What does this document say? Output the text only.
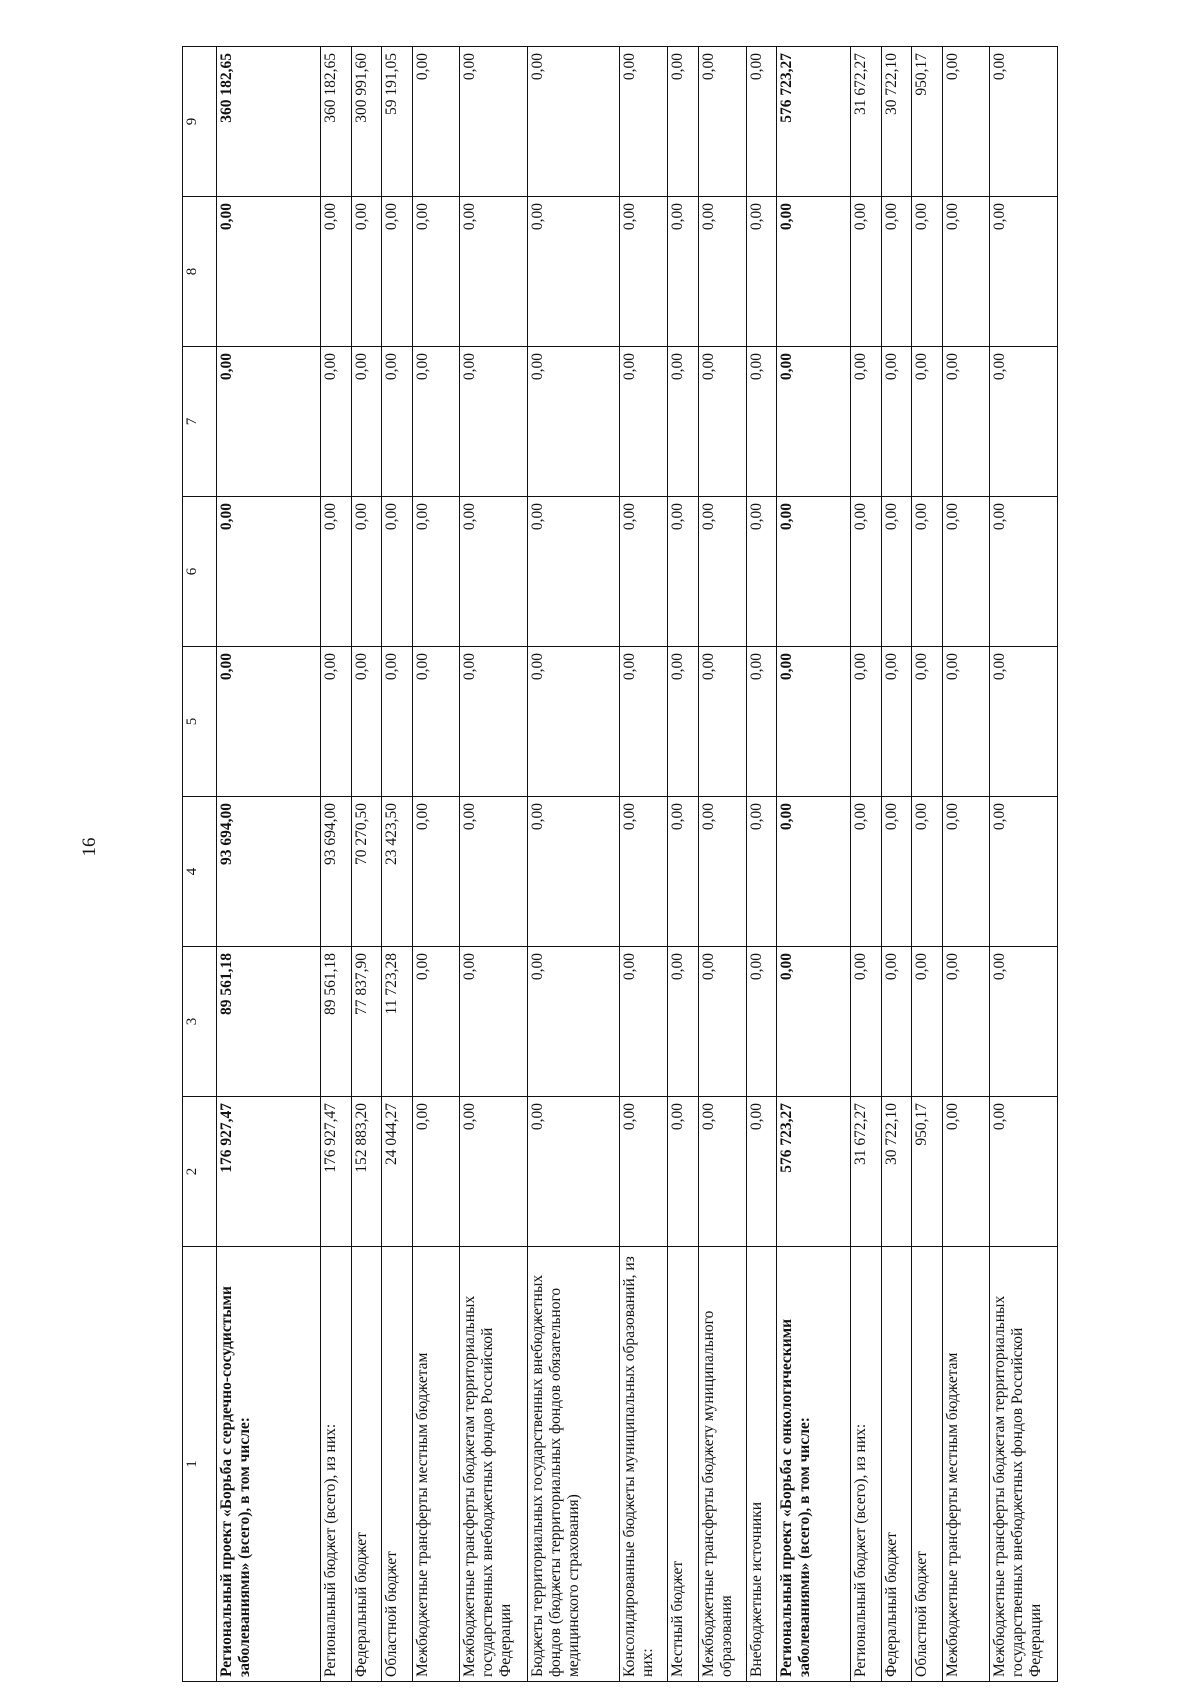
16
1	2	3	4	5	6	7	8	9
Региональный проект «Борьба с сердечно-сосудистыми заболеваниями» (всего), в том числе:	176 927,47	89 561,18	93 694,00	0,00	0,00	0,00	0,00	360 182,65
Региональный бюджет (всего), из них:	176 927,47	89 561,18	93 694,00	0,00	0,00	0,00	0,00	360 182,65
Федеральный бюджет	152 883,20	77 837,90	70 270,50	0,00	0,00	0,00	0,00	300 991,60
Областной бюджет	24 044,27	11 723,28	23 423,50	0,00	0,00	0,00	0,00	59 191,05
Межбюджетные трансферты местным бюджетам	0,00	0,00	0,00	0,00	0,00	0,00	0,00	0,00
Межбюджетные трансферты бюджетам территориальных государственных внебюджетных фондов Российской Федерации	0,00	0,00	0,00	0,00	0,00	0,00	0,00	0,00
Бюджеты территориальных государственных внебюджетных фондов (бюджеты территориальных фондов обязательного медицинского страхования)	0,00	0,00	0,00	0,00	0,00	0,00	0,00	0,00
Консолидированные бюджеты муниципальных образований, из них:	0,00	0,00	0,00	0,00	0,00	0,00	0,00	0,00
Местный бюджет	0,00	0,00	0,00	0,00	0,00	0,00	0,00	0,00
Межбюджетные трансферты бюджету муниципального образования	0,00	0,00	0,00	0,00	0,00	0,00	0,00	0,00
Внебюджетные источники	0,00	0,00	0,00	0,00	0,00	0,00	0,00	0,00
Региональный проект «Борьба с онкологическими заболеваниями» (всего), в том числе:	576 723,27	0,00	0,00	0,00	0,00	0,00	0,00	576 723,27
Региональный бюджет (всего), из них:	31 672,27	0,00	0,00	0,00	0,00	0,00	0,00	31 672,27
Федеральный бюджет	30 722,10	0,00	0,00	0,00	0,00	0,00	0,00	30 722,10
Областной бюджет	950,17	0,00	0,00	0,00	0,00	0,00	0,00	950,17
Межбюджетные трансферты местным бюджетам	0,00	0,00	0,00	0,00	0,00	0,00	0,00	0,00
Межбюджетные трансферты бюджетам территориальных государственных внебюджетных фондов Российской Федерации	0,00	0,00	0,00	0,00	0,00	0,00	0,00	0,00
